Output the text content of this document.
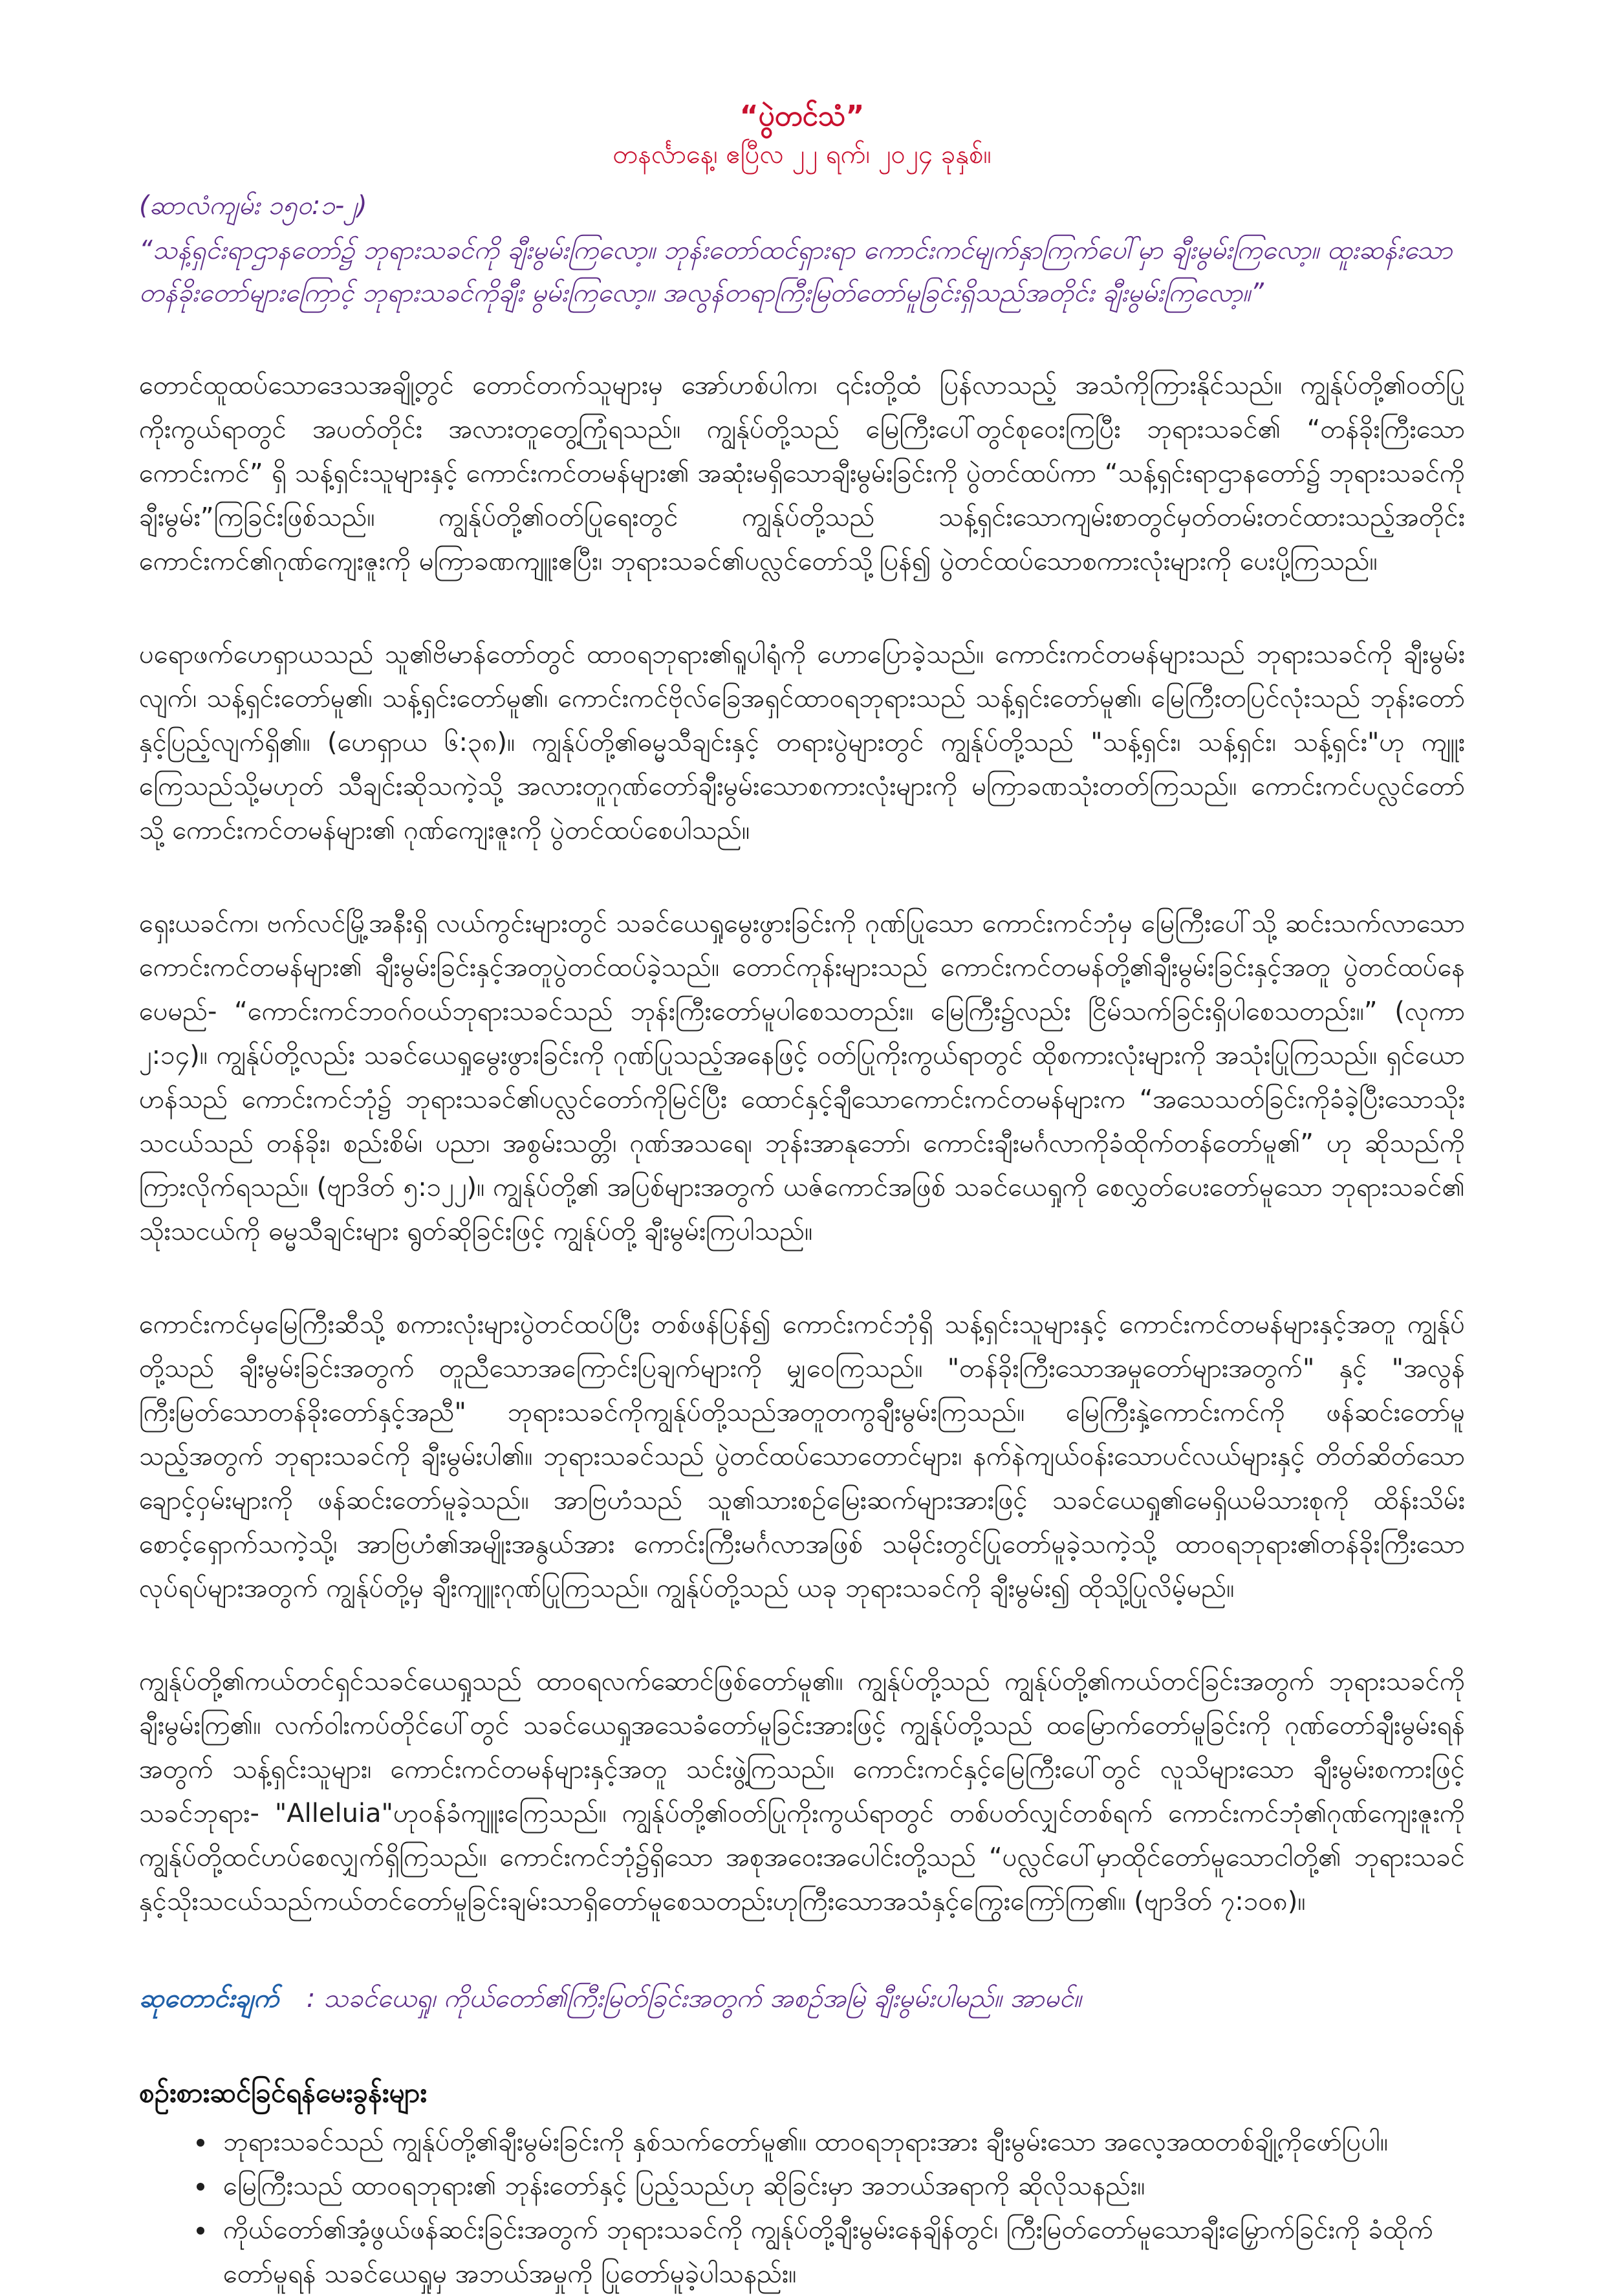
“ပွဲတင်သံ”

တနင်္လာနေ့၊ ဧပြီလ ၂၂ ရက်၊ ၂၀၂၄ ခုနှစ်။

(ဆာလံကျမ်း ၁၅၀:၁-၂)

“သန့်ရှင်းရာဌာနတော်၌ ဘုရားသခင်ကို ချီးမွမ်းကြလော့။ ဘုန်းတော်ထင်ရှားရာ ကောင်းကင်မျက်နှာကြက်ပေါ်မှာ ချီးမွမ်းကြလော့။ ထူးဆန်းသောတန်ခိုးတော်များကြောင့် ဘုရားသခင်ကိုချီး မွမ်းကြလော့။ အလွန်တရာကြီးမြတ်တော်မူခြင်းရှိသည်အတိုင်း ချီးမွမ်းကြလော့။”

တောင်ထူထပ်သောဒေသအချို့တွင် တောင်တက်သူများမှ အော်ဟစ်ပါက၊ ၎င်းတို့ထံ ပြန်လာသည့် အသံကိုကြားနိုင်သည်။ ကျွန်ုပ်တို့၏ဝတ်ပြုကိုးကွယ်ရာတွင် အပတ်တိုင်း အလားတူတွေ့ကြုံရသည်။ ကျွန်ုပ်တို့သည် မြေကြီးပေါ်တွင်စုဝေးကြပြီး ဘုရားသခင်၏ “တန်ခိုးကြီးသောကောင်းကင်” ရှိ သန့်ရှင်းသူများနှင့် ကောင်းကင်တမန်များ၏ အဆုံးမရှိသောချီးမွမ်းခြင်းကို ပွဲတင်ထပ်ကာ “သန့်ရှင်းရာဌာနတော်၌ ဘုရားသခင်ကိုချီးမွမ်း”ကြခြင်းဖြစ်သည်။ ကျွန်ုပ်တို့၏ဝတ်ပြုရေးတွင် ကျွန်ုပ်တို့သည် သန့်ရှင်းသောကျမ်းစာတွင်မှတ်တမ်းတင်ထားသည့်အတိုင်း ကောင်းကင်၏ဂုဏ်ကျေးဇူးကို မကြာခဏကျူးဧပြီး၊ ဘုရားသခင်၏ပလ္လင်တော်သို့ပြန်၍ ပွဲတင်ထပ်သောစကားလုံးများကို ပေးပို့ကြသည်။

ပရောဖက်ဟေရှာယသည် သူ၏ဗိမာန်တော်တွင် ထာဝရဘုရား၏ရူပါရုံကို ဟောပြောခဲ့သည်။ ကောင်းကင်တမန်များသည် ဘုရားသခင်ကို ချီးမွမ်းလျက်၊ သန့်ရှင်းတော်မူ၏၊ သန့်ရှင်းတော်မူ၏၊ ကောင်းကင်ဗိုလ်ခြေအရှင်ထာဝရဘုရားသည် သန့်ရှင်းတော်မူ၏၊ မြေကြီးတပြင်လုံးသည် ဘုန်းတော်နှင့်ပြည့်လျက်ရှိ၏။ (ဟေရှာယ ၆:၃၈)။ ကျွန်ုပ်တို့၏ဓမ္မသီချင်းနှင့် တရားပွဲများတွင် ကျွန်ုပ်တို့သည် "သန့်ရှင်း၊ သန့်ရှင်း၊ သန့်ရှင်း"ဟု ကျူးကြေသည်သို့မဟုတ် သီချင်းဆိုသကဲ့သို့ အလားတူဂုဏ်တော်ချီးမွမ်းသောစကားလုံးများကို မကြာခဏသုံးတတ်ကြသည်။ ကောင်းကင်ပလ္လင်တော်သို့ ကောင်းကင်တမန်များ၏ ဂုဏ်ကျေးဇူးကို ပွဲတင်ထပ်စေပါသည်။

ရှေးယခင်က၊ ဗက်လင်မြို့အနီးရှိ လယ်ကွင်းများတွင် သခင်ယေရှုမွေးဖွားခြင်းကို ဂုဏ်ပြုသော ကောင်းကင်ဘုံမှ မြေကြီးပေါ်သို့ ဆင်းသက်လာသောကောင်းကင်တမန်များ၏ ချီးမွမ်းခြင်းနှင့်အတူပွဲတင်ထပ်ခဲ့သည်။ တောင်ကုန်းများသည် ကောင်းကင်တမန်တို့၏ချီးမွမ်းခြင်းနှင့်အတူ ပွဲတင်ထပ်နေပေမည်- “ကောင်းကင်ဘဝဂ်ဝယ်ဘုရားသခင်သည် ဘုန်းကြီးတော်မူပါစေသတည်း။ မြေကြီး၌လည်း ငြိမ်သက်ခြင်းရှိပါစေသတည်း။” (လုကာ ၂:၁၄)။ ကျွန်ုပ်တို့လည်း သခင်ယေရှုမွေးဖွားခြင်းကို ဂုဏ်ပြုသည့်အနေဖြင့် ဝတ်ပြုကိုးကွယ်ရာတွင် ထိုစကားလုံးများကို အသုံးပြုကြသည်။ ရှင်ယောဟန်သည် ကောင်းကင်ဘုံ၌ ဘုရားသခင်၏ပလ္လင်တော်ကိုမြင်ပြီး ထောင်နှင့်ချီသောကောင်းကင်တမန်များက “အသေသတ်ခြင်းကိုခံခဲ့ပြီးသောသိုးသငယ်သည် တန်ခိုး၊ စည်းစိမ်၊ ပညာ၊ အစွမ်းသတ္တိ၊ ဂုဏ်အသရေ၊ ဘုန်းအာနုဘော်၊ ကောင်းချီးမင်္ဂလာကိုခံထိုက်တန်တော်မူ၏” ဟု ဆိုသည်ကိုကြားလိုက်ရသည်။ (ဗျာဒိတ် ၅:၁၂၂)။ ကျွန်ုပ်တို့၏ အပြစ်များအတွက် ယဇ်ကောင်အဖြစ် သခင်ယေရှုကို စေလွှတ်ပေးတော်မူသော ဘုရားသခင်၏ သိုးသငယ်ကို ဓမ္မသီချင်းများ ရွတ်ဆိုခြင်းဖြင့် ကျွန်ုပ်တို့ ချီးမွမ်းကြပါသည်။

ကောင်းကင်မှမြေကြီးဆီသို့ စကားလုံးများပွဲတင်ထပ်ပြီး တစ်ဖန်ပြန်၍ ကောင်းကင်ဘုံရှိ သန့်ရှင်းသူများနှင့် ကောင်းကင်တမန်များနှင့်အတူ ကျွန်ုပ်တို့သည် ချီးမွမ်းခြင်းအတွက် တူညီသောအကြောင်းပြချက်များကို မျှဝေကြသည်။ "တန်ခိုးကြီးသောအမှုတော်များအတွက်" နှင့် "အလွန်ကြီးမြတ်သောတန်ခိုးတော်နှင့်အညီ" ဘုရားသခင်ကိုကျွန်ုပ်တို့သည်အတူတကွချီးမွမ်းကြသည်။ မြေကြီးနှဲ့ကောင်းကင်ကို ဖန်ဆင်းတော်မူသည့်အတွက် ဘုရားသခင်ကို ချီးမွမ်းပါ၏။ ဘုရားသခင်သည် ပွဲတင်ထပ်သောတောင်များ၊ နက်နဲကျယ်ဝန်းသောပင်လယ်များနှင့် တိတ်ဆိတ်သောချောင့်ဝှမ်းများကို ဖန်ဆင်းတော်မူခဲ့သည်။ အာဗြဟံသည် သူ၏သားစဉ်မြေးဆက်များအားဖြင့် သခင်ယေရှု၏မေရှိယမိသားစုကို ထိန်းသိမ်းစောင့်ရှောက်သကဲ့သို့၊ အာဗြဟံ၏အမျိုးအနွယ်အား ကောင်းကြီးမင်္ဂလာအဖြစ် သမိုင်းတွင်ပြုတော်မူခဲ့သကဲ့သို့ ထာဝရဘုရား၏တန်ခိုးကြီးသော လုပ်ရပ်များအတွက် ကျွန်ုပ်တို့မှ ချီးကျူးဂုဏ်ပြုကြသည်။ ကျွန်ုပ်တို့သည် ယခု ဘုရားသခင်ကို ချီးမွမ်း၍ ထိုသို့ပြုလိမ့်မည်။

ကျွန်ုပ်တို့၏ကယ်တင်ရှင်သခင်ယေရှုသည် ထာဝရလက်ဆောင်ဖြစ်တော်မူ၏။ ကျွန်ုပ်တို့သည် ကျွန်ုပ်တို့၏ကယ်တင်ခြင်းအတွက် ဘုရားသခင်ကို ချီးမွမ်းကြ၏။ လက်ဝါးကပ်တိုင်ပေါ်တွင် သခင်ယေရှုအသေခံတော်မူခြင်းအားဖြင့် ကျွန်ုပ်တို့သည် ထမြောက်တော်မူခြင်းကို ဂုဏ်တော်ချီးမွမ်းရန်အတွက် သန့်ရှင်းသူများ၊ ကောင်းကင်တမန်များနှင့်အတူ သင်းဖွဲ့ကြသည်။ ကောင်းကင်နှင့်မြေကြီးပေါ်တွင် လူသိများသော ချီးမွမ်းစကားဖြင့် သခင်ဘုရား- "Alleluia"ဟုဝန်ခံကျူးကြေသည်။ ကျွန်ုပ်တို့၏ဝတ်ပြုကိုးကွယ်ရာတွင် တစ်ပတ်လျှင်တစ်ရက် ကောင်းကင်ဘုံ၏ဂုဏ်ကျေးဇူးကို ကျွန်ုပ်တို့ထင်ဟပ်စေလျှက်ရှိကြသည်။ ကောင်းကင်ဘုံ၌ရှိသော အစုအဝေးအပေါင်းတို့သည် “ပလ္လင်ပေါ်မှာထိုင်တော်မူသောငါတို့၏ ဘုရားသခင်နှင့်သိုးသငယ်သည်ကယ်တင်တော်မူခြင်းချမ်းသာရှိတော်မူစေသတည်းဟုကြီးသောအသံနှင့်ကြွေးကြော်ကြ၏။ (ဗျာဒိတ် ၇:၁၀၈)။

ဆုတောင်းချက် : သခင်ယေရှု၊ ကိုယ်တော်၏ကြီးမြတ်ခြင်းအတွက် အစဉ်အမြဲ ချီးမွမ်းပါမည်။ အာမင်။

စဉ်းစားဆင်ခြင်ရန်မေးခွန်းများ

• ဘုရားသခင်သည် ကျွန်ုပ်တို့၏ချီးမွမ်းခြင်းကို နှစ်သက်တော်မူ၏။ ထာဝရဘုရားအား ချီးမွမ်းသော အလေ့အထတစ်ချို့ကိုဖော်ပြပါ။
• မြေကြီးသည် ထာဝရဘုရား၏ ဘုန်းတော်နှင့် ပြည့်သည်ဟု ဆိုခြင်းမှာ အဘယ်အရာကို ဆိုလိုသနည်း။
• ကိုယ်တော်၏အံ့ဖွယ်ဖန်ဆင်းခြင်းအတွက် ဘုရားသခင်ကို ကျွန်ုပ်တို့ချီးမွမ်းနေချိန်တွင်၊ ကြီးမြတ်တော်မူသောချီးမြှောက်ခြင်းကို ခံထိုက်တော်မူရန် သခင်ယေရှုမှ အဘယ်အမှုကို ပြုတော်မူခဲ့ပါသနည်း။
